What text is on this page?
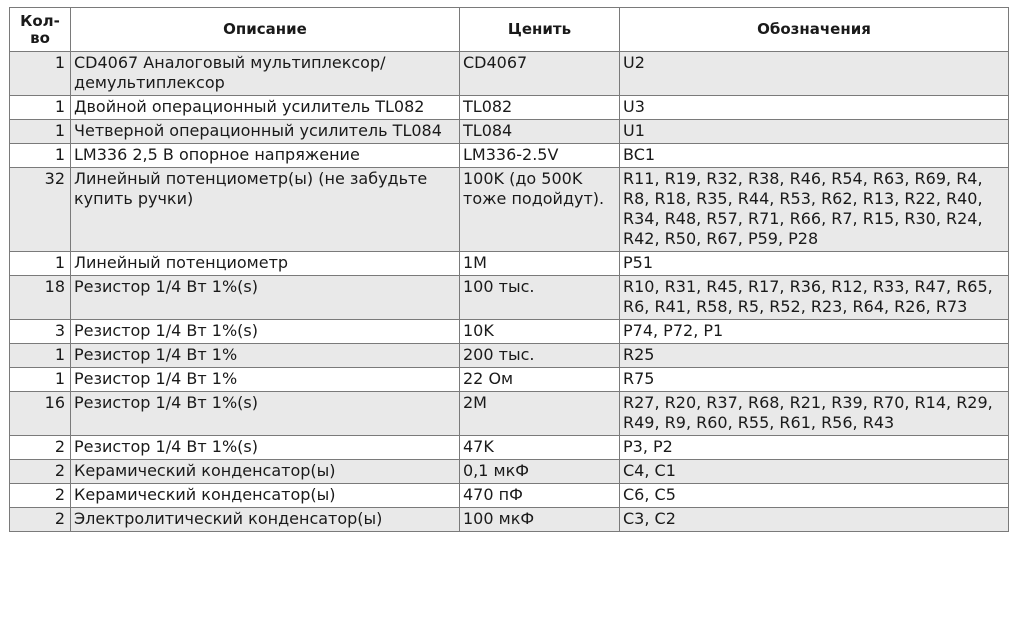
Кол-во	Описание	Ценить	Обозначения
1	CD4067 Аналоговый мультиплексор/ демультиплексор	CD4067	U2
1	Двойной операционный усилитель TL082	TL082	U3
1	Четверной операционный усилитель TL084	TL084	U1
1	LM336 2,5 В опорное напряжение	LM336-2.5V	BC1
32	Линейный потенциометр(ы) (не забудьте купить ручки)	100K (до 500K тоже подойдут).	R11, R19, R32, R38, R46, R54, R63, R69, R4, R8, R18, R35, R44, R53, R62, R13, R22, R40, R34, R48, R57, R71, R66, R7, R15, R30, R24, R42, R50, R67, P59, P28
1	Линейный потенциометр	1M	P51
18	Резистор 1/4 Вт 1%(s)	100 тыс.	R10, R31, R45, R17, R36, R12, R33, R47, R65, R6, R41, R58, R5, R52, R23, R64, R26, R73
3	Резистор 1/4 Вт 1%(s)	10K	P74, P72, P1
1	Резистор 1/4 Вт 1%	200 тыс.	R25
1	Резистор 1/4 Вт 1%	22 Ом	R75
16	Резистор 1/4 Вт 1%(s)	2M	R27, R20, R37, R68, R21, R39, R70, R14, R29, R49, R9, R60, R55, R61, R56, R43
2	Резистор 1/4 Вт 1%(s)	47K	P3, P2
2	Керамический конденсатор(ы)	0,1 мкФ	C4, C1
2	Керамический конденсатор(ы)	470 пФ	C6, C5
2	Электролитический конденсатор(ы)	100 мкФ	C3, C2
